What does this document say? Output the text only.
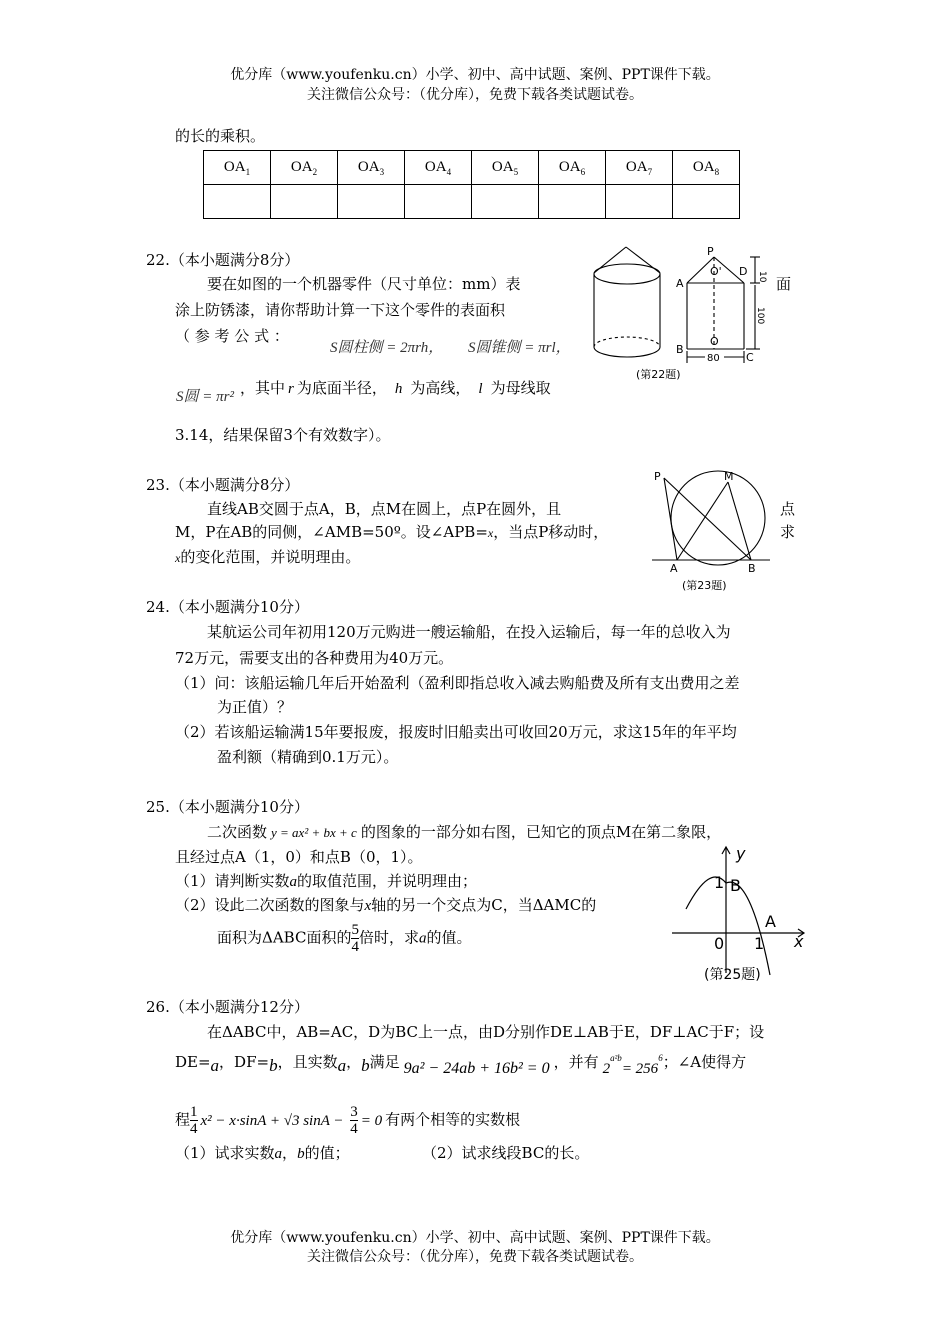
优分库（www.youfenku.cn）小学、初中、高中试题、案例、PPT课件下载。
关注微信公众号：（优分库），免费下载各类试题试卷。
的长的乘积。
$OA_1$	$OA_2$	$OA_3$	$OA_4$	$OA_5$	$OA_6$	$OA_7$	$OA_8$

22.（本小题满分8分）
要在如图的一个机器零件（尺寸单位：mm）表	面
涂上防锈漆，请你帮助计算一下这个零件的表面积
（ 参 考 公 式 ：
S圆柱侧 = 2πrh， S圆锥侧 = πrl，
S圆 = πr² ，其中 r 为底面半径， h 为高线， l 为母线取
3.14，结果保留3个有效数字）。
P
O' D
A
O
B
C
10
100
80
(第22题)
23.（本小题满分8分）
直线AB交圆于点A，B，点M在圆上，点P在圆外，且	点
M，P在AB的同侧，∠AMB=50º。设∠APB=x，当点P移动时，	求
x的变化范围，并说明理由。
P	M
A	B
(第23题)
24.（本小题满分10分）
某航运公司年初用120万元购进一艘运输船，在投入运输后，每一年的总收入为
72万元，需要支出的各种费用为40万元。
（1）问：该船运输几年后开始盈利（盈利即指总收入减去购船费及所有支出费用之差
为正值）？
（2）若该船运输满15年要报废，报废时旧船卖出可收回20万元，求这15年的年平均
盈利额（精确到0.1万元）。
25.（本小题满分10分）
二次函数 y = ax² + bx + c 的图象的一部分如右图，已知它的顶点M在第二象限，
且经过点A（1，0）和点B（0，1）。
（1）请判断实数a的取值范围，并说明理由；
（2）设此二次函数的图象与x轴的另一个交点为C，当ΔAMC的
面积为ΔABC面积的 $\frac{5}{4}$ 倍时，求a的值。
y
x
1 B
A
0 1
(第25题)
26.（本小题满分12分）
在ΔABC中，AB=AC，D为BC上一点，由D分别作DE⊥AB于E，DF⊥AC于F；设
DE=a，DF=b，且实数a，b满足 9a² − 24ab + 16b² = 0 ，并有 $2^{a^2b}= 256^6$；∠A使得方
程 $\frac{1}{4} x^2 - x\cdot\sin A + √3$ $\sin A - \frac{3}{4} = 0$ 有两个相等的实数根
（1）试求实数a，b的值；	（2）试求线段BC的长。
优分库（www.youfenku.cn）小学、初中、高中试题、案例、PPT课件下载。
关注微信公众号：（优分库），免费下载各类试题试卷。
